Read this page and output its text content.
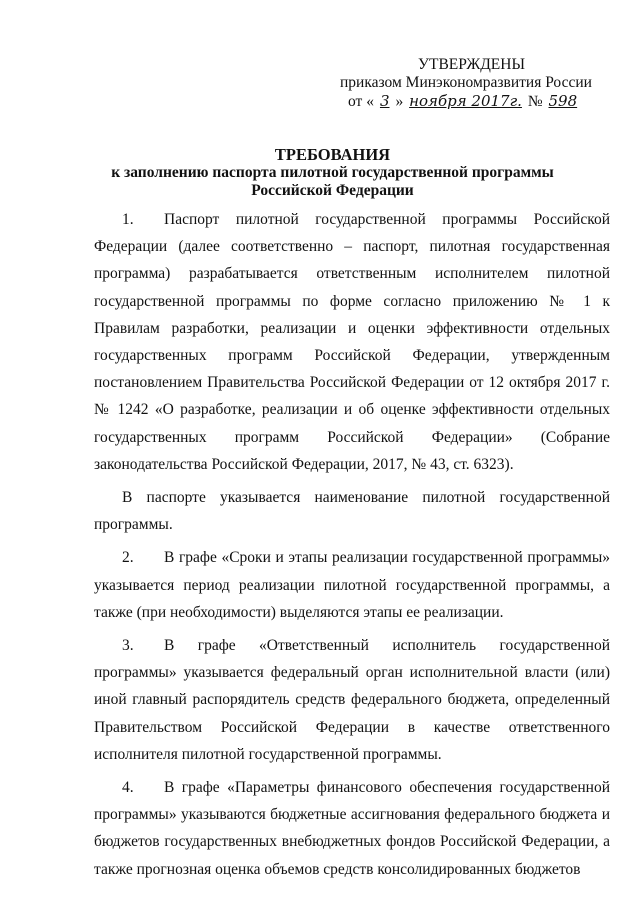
УТВЕРЖДЕНЫ
приказом Минэкономразвития России
от « 3 » ноября 2017г. № 598
ТРЕБОВАНИЯ
к заполнению паспорта пилотной государственной программы
Российской Федерации

1. Паспорт пилотной государственной программы Российской Федерации (далее соответственно – паспорт, пилотная государственная программа) разрабатывается ответственным исполнителем пилотной государственной программы по форме согласно приложению № 1 к Правилам разработки, реализации и оценки эффективности отдельных государственных программ Российской Федерации, утвержденным постановлением Правительства Российской Федерации от 12 октября 2017 г. № 1242 «О разработке, реализации и об оценке эффективности отдельных государственных программ Российской Федерации» (Собрание законодательства Российской Федерации, 2017, № 43, ст. 6323).

В паспорте указывается наименование пилотной государственной программы.

2. В графе «Сроки и этапы реализации государственной программы» указывается период реализации пилотной государственной программы, а также (при необходимости) выделяются этапы ее реализации.

3. В графе «Ответственный исполнитель государственной программы» указывается федеральный орган исполнительной власти (или) иной главный распорядитель средств федерального бюджета, определенный Правительством Российской Федерации в качестве ответственного исполнителя пилотной государственной программы.

4. В графе «Параметры финансового обеспечения государственной программы» указываются бюджетные ассигнования федерального бюджета и бюджетов государственных внебюджетных фондов Российской Федерации, а также прогнозная оценка объемов средств консолидированных бюджетов
